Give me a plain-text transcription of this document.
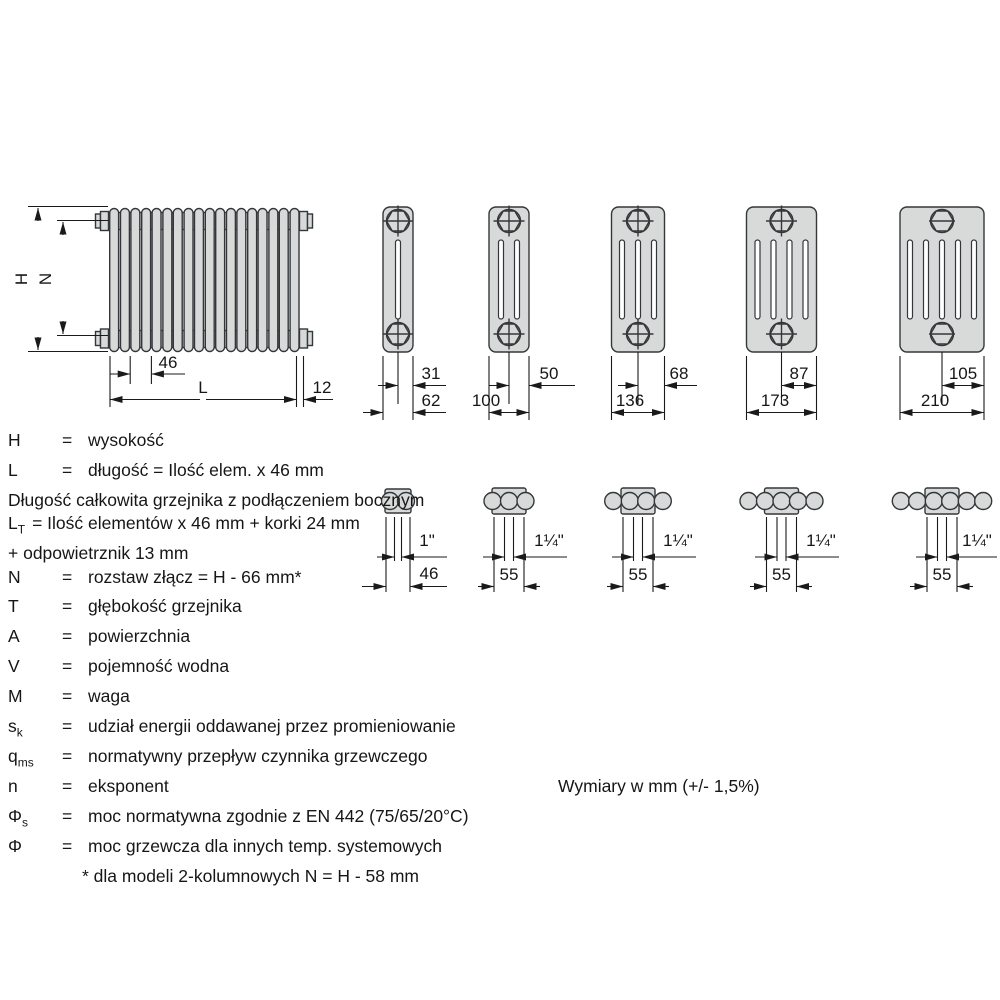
H N
46
L	12
31
62
50
100
68
136
87
173
105
210
1"
46
1¼"
55
1¼"
55
1¼"
55
1¼"
55
H	= wysokość
L	= długość = Ilość elem. x 46 mm
Długość całkowita grzejnika z podłączeniem bocznym
$L_T$ = Ilość elementów x 46 mm + korki 24 mm
+ odpowietrznik 13 mm
N	= rozstaw złącz = H - 66 mm*
T	= głębokość grzejnika
A	= powierzchnia
V	= pojemność wodna
M	= waga
$s_k$	= udział energii oddawanej przez promieniowanie
$q_{ms}$	= normatywny przepływ czynnika grzewczego
n	= eksponent
$\Phi_s$	= moc normatywna zgodnie z EN 442 (75/65/20°C)
Φ	= moc grzewcza dla innych temp. systemowych
* dla modeli 2-kolumnowych N = H - 58 mm
Wymiary w mm (+/- 1,5%)
